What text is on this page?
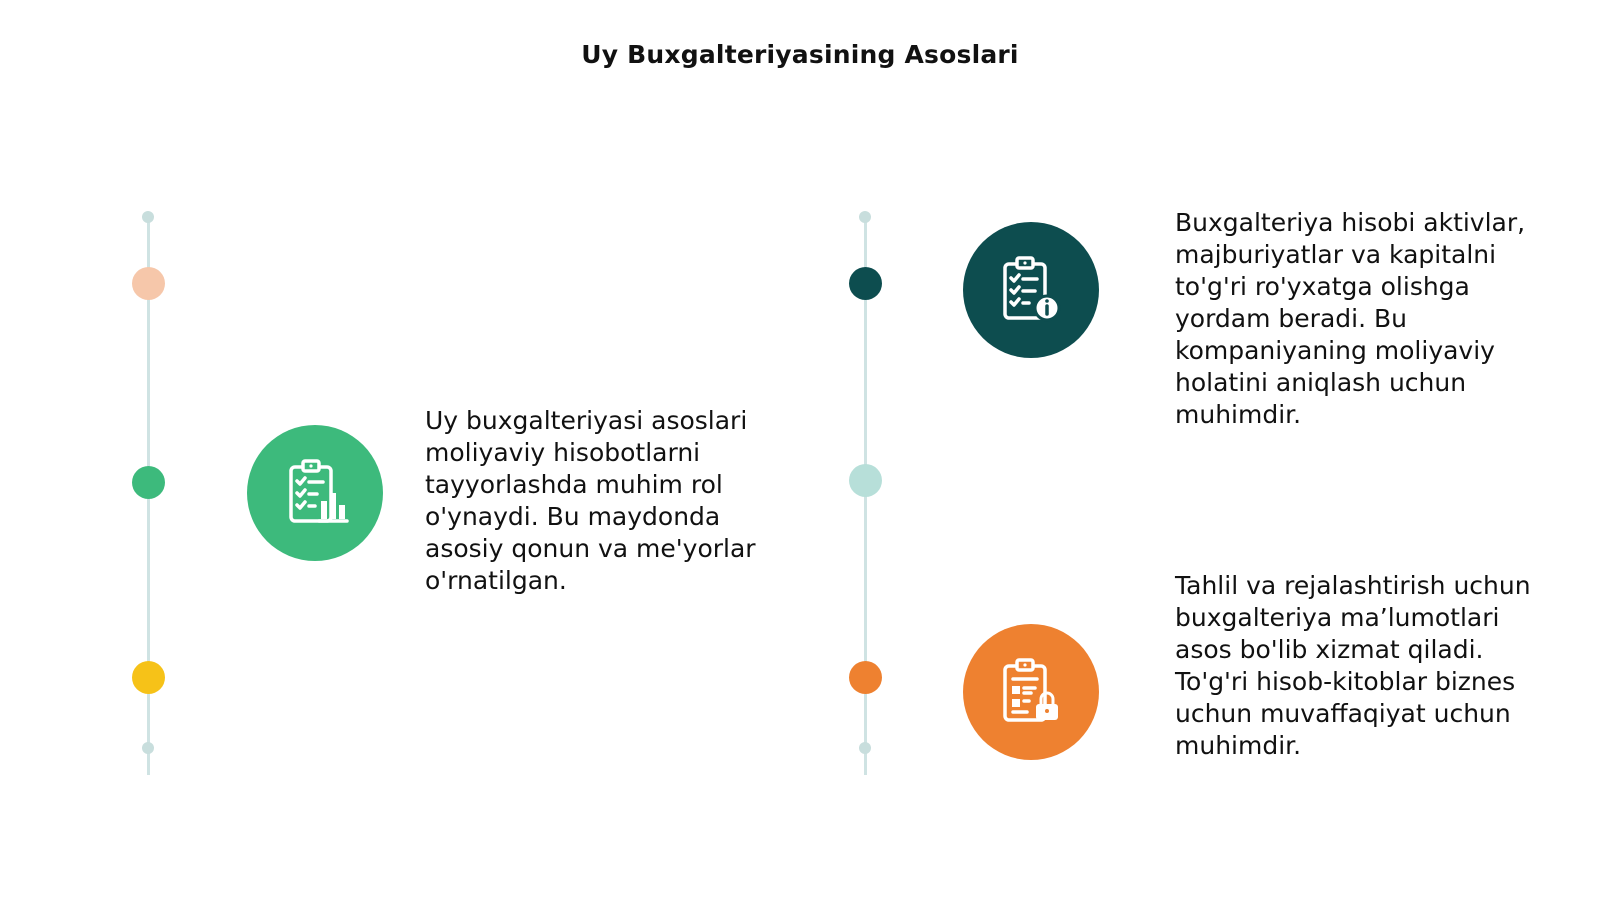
Uy Buxgalteriyasining Asoslari
Uy buxgalteriyasi asoslari moliyaviy hisobotlarni tayyorlashda muhim rol o'ynaydi. Bu maydonda asosiy qonun va me'yorlar o'rnatilgan.
Buxgalteriya hisobi aktivlar, majburiyatlar va kapitalni to'g'ri ro'yxatga olishga yordam beradi. Bu kompaniyaning moliyaviy holatini aniqlash uchun muhimdir.
Tahlil va rejalashtirish uchun buxgalteriya ma’lumotlari asos bo'lib xizmat qiladi. To'g'ri hisob-kitoblar biznes uchun muvaffaqiyat uchun muhimdir.
